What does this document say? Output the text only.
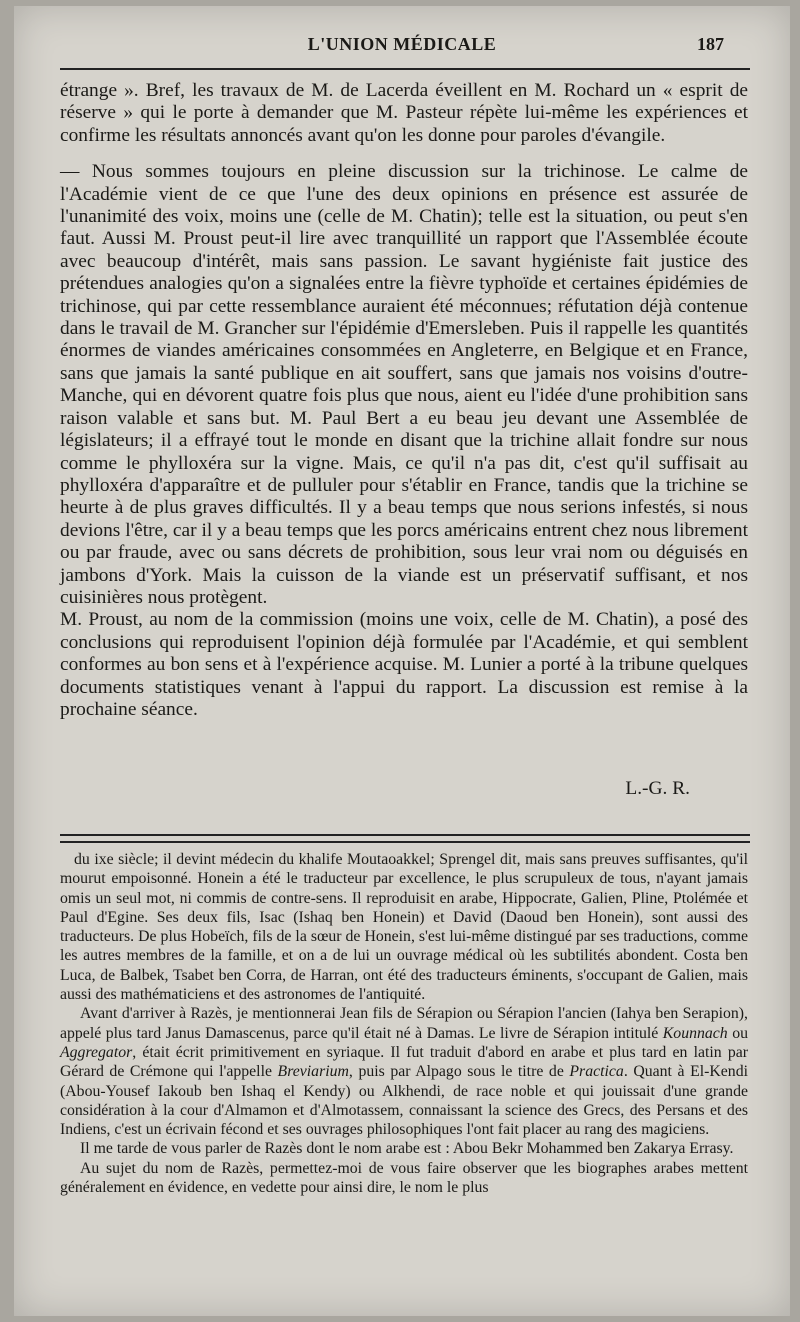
L'UNION MÉDICALE	187

étrange ». Bref, les travaux de M. de Lacerda éveillent en M. Rochard un « esprit de réserve » qui le porte à demander que M. Pasteur répète lui-même les expériences et confirme les résultats annoncés avant qu'on les donne pour paroles d'évangile.

— Nous sommes toujours en pleine discussion sur la trichinose. Le calme de l'Académie vient de ce que l'une des deux opinions en présence est assurée de l'unanimité des voix, moins une (celle de M. Chatin); telle est la situation, ou peut s'en faut. Aussi M. Proust peut-il lire avec tranquillité un rapport que l'Assemblée écoute avec beaucoup d'intérêt, mais sans passion. Le savant hygiéniste fait justice des prétendues analogies qu'on a signalées entre la fièvre typhoïde et certaines épidémies de trichinose, qui par cette ressemblance auraient été méconnues; réfutation déjà contenue dans le travail de M. Grancher sur l'épidémie d'Emersleben. Puis il rappelle les quantités énormes de viandes américaines consommées en Angleterre, en Belgique et en France, sans que jamais la santé publique en ait souffert, sans que jamais nos voisins d'outre-Manche, qui en dévorent quatre fois plus que nous, aient eu l'idée d'une prohibition sans raison valable et sans but. M. Paul Bert a eu beau jeu devant une Assemblée de législateurs; il a effrayé tout le monde en disant que la trichine allait fondre sur nous comme le phylloxéra sur la vigne. Mais, ce qu'il n'a pas dit, c'est qu'il suffisait au phylloxéra d'apparaître et de pulluler pour s'établir en France, tandis que la trichine se heurte à de plus graves difficultés. Il y a beau temps que nous serions infestés, si nous devions l'être, car il y a beau temps que les porcs américains entrent chez nous librement ou par fraude, avec ou sans décrets de prohibition, sous leur vrai nom ou déguisés en jambons d'York. Mais la cuisson de la viande est un préservatif suffisant, et nos cuisinières nous protègent.

M. Proust, au nom de la commission (moins une voix, celle de M. Chatin), a posé des conclusions qui reproduisent l'opinion déjà formulée par l'Académie, et qui semblent conformes au bon sens et à l'expérience acquise. M. Lunier a porté à la tribune quelques documents statistiques venant à l'appui du rapport. La discussion est remise à la prochaine séance.

L.-G. R.

du ixe siècle; il devint médecin du khalife Moutaoakkel; Sprengel dit, mais sans preuves suffisantes, qu'il mourut empoisonné. Honein a été le traducteur par excellence, le plus scrupuleux de tous, n'ayant jamais omis un seul mot, ni commis de contre-sens. Il reproduisit en arabe, Hippocrate, Galien, Pline, Ptolémée et Paul d'Egine. Ses deux fils, Isac (Ishaq ben Honein) et David (Daoud ben Honein), sont aussi des traducteurs. De plus Hobeïch, fils de la sœur de Honein, s'est lui-même distingué par ses traductions, comme les autres membres de la famille, et on a de lui un ouvrage médical où les subtilités abondent. Costa ben Luca, de Balbek, Tsabet ben Corra, de Harran, ont été des traducteurs éminents, s'occupant de Galien, mais aussi des mathématiciens et des astronomes de l'antiquité.

Avant d'arriver à Razès, je mentionnerai Jean fils de Sérapion ou Sérapion l'ancien (Iahya ben Serapion), appelé plus tard Janus Damascenus, parce qu'il était né à Damas. Le livre de Sérapion intitulé Kounnach ou Aggregator, était écrit primitivement en syriaque. Il fut traduit d'abord en arabe et plus tard en latin par Gérard de Crémone qui l'appelle Breviarium, puis par Alpago sous le titre de Practica. Quant à El-Kendi (Abou-Yousef Iakoub ben Ishaq el Kendy) ou Alkhendi, de race noble et qui jouissait d'une grande considération à la cour d'Almamon et d'Almotassem, connaissant la science des Grecs, des Persans et des Indiens, c'est un écrivain fécond et ses ouvrages philosophiques l'ont fait placer au rang des magiciens.

Il me tarde de vous parler de Razès dont le nom arabe est : Abou Bekr Mohammed ben Zakarya Errasy.

Au sujet du nom de Razès, permettez-moi de vous faire observer que les biographes arabes mettent généralement en évidence, en vedette pour ainsi dire, le nom le plus
